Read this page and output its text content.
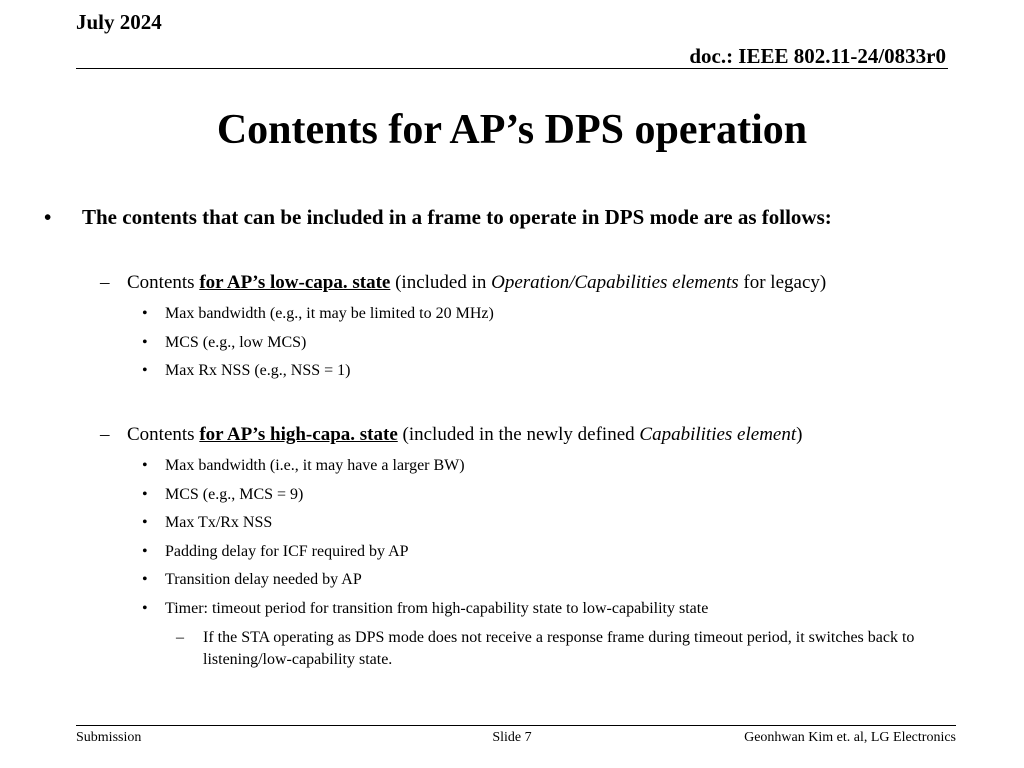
July 2024
doc.: IEEE 802.11-24/0833r0
Contents for AP’s DPS operation
•	The contents that can be included in a frame to operate in DPS mode are as follows:
– Contents for AP’s low-capa. state (included in Operation/Capabilities elements for legacy)
• Max bandwidth (e.g., it may be limited to 20 MHz)
• MCS (e.g., low MCS)
• Max Rx NSS (e.g., NSS = 1)
– Contents for AP’s high-capa. state (included in the newly defined Capabilities element)
• Max bandwidth (i.e., it may have a larger BW)
• MCS (e.g., MCS = 9)
• Max Tx/Rx NSS
• Padding delay for ICF required by AP
• Transition delay needed by AP
• Timer: timeout period for transition from high-capability state to low-capability state
– If the STA operating as DPS mode does not receive a response frame during timeout period, it switches back to listening/low-capability state.
Submission	Slide 7	Geonhwan Kim et. al, LG Electronics
